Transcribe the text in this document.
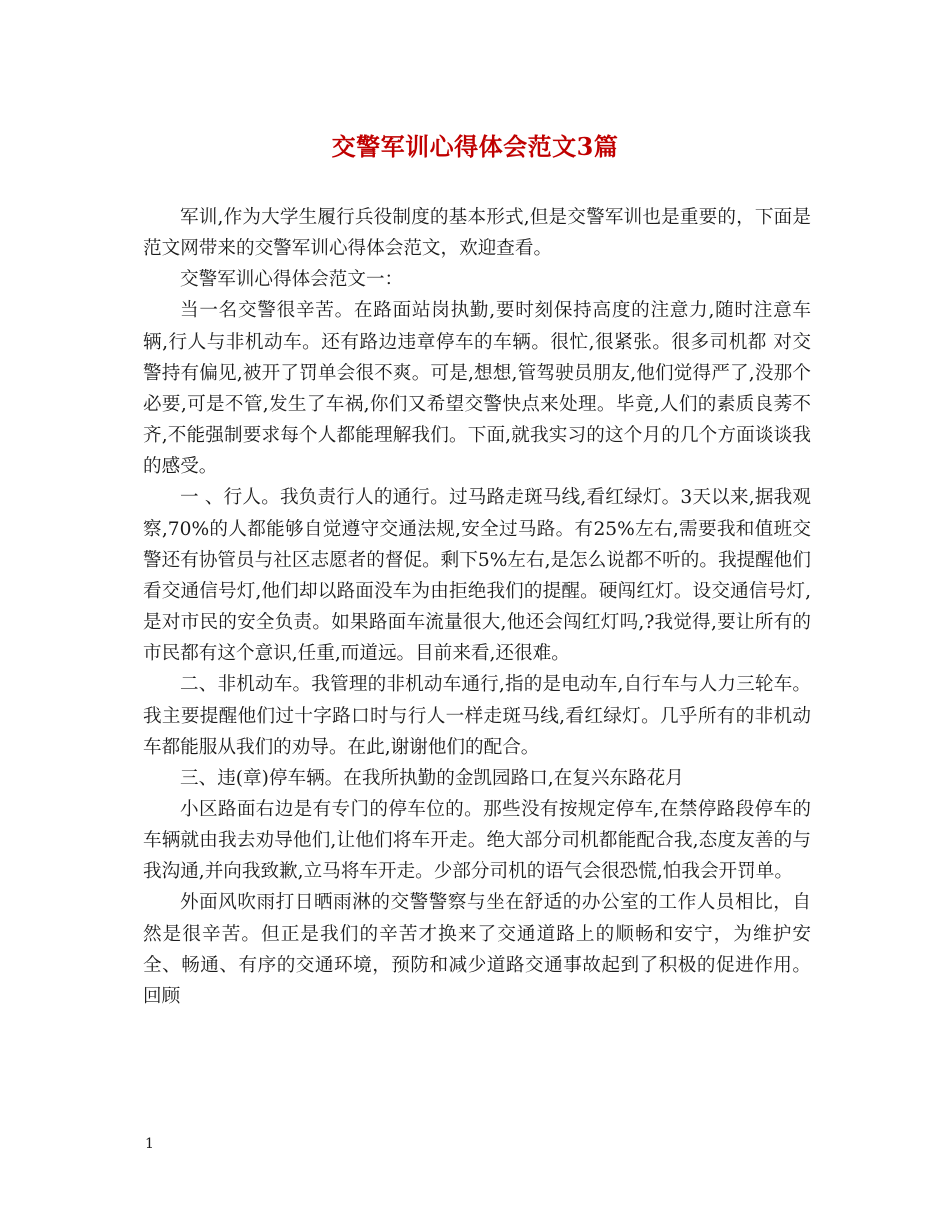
交警军训心得体会范文3篇

军训,作为大学生履行兵役制度的基本形式,但是交警军训也是重要的，下面是范文网带来的交警军训心得体会范文，欢迎查看。

交警军训心得体会范文一：

当一名交警很辛苦。在路面站岗执勤,要时刻保持高度的注意力,随时注意车辆,行人与非机动车。还有路边违章停车的车辆。很忙,很紧张。很多司机都 对交警持有偏见,被开了罚单会很不爽。可是,想想,管驾驶员朋友,他们觉得严了,没那个必要,可是不管,发生了车祸,你们又希望交警快点来处理。毕竟,人们的素质良莠不齐,不能强制要求每个人都能理解我们。下面,就我实习的这个月的几个方面谈谈我的感受。

一 、行人。我负责行人的通行。过马路走斑马线,看红绿灯。3天以来,据我观察,70%的人都能够自觉遵守交通法规,安全过马路。有25%左右,需要我和值班交警还有协管员与社区志愿者的督促。剩下5%左右,是怎么说都不听的。我提醒他们看交通信号灯,他们却以路面没车为由拒绝我们的提醒。硬闯红灯。设交通信号灯,是对市民的安全负责。如果路面车流量很大,他还会闯红灯吗,?我觉得,要让所有的市民都有这个意识,任重,而道远。目前来看,还很难。

二、非机动车。我管理的非机动车通行,指的是电动车,自行车与人力三轮车。我主要提醒他们过十字路口时与行人一样走斑马线,看红绿灯。几乎所有的非机动车都能服从我们的劝导。在此,谢谢他们的配合。

三、违(章)停车辆。在我所执勤的金凯园路口,在复兴东路花月

小区路面右边是有专门的停车位的。那些没有按规定停车,在禁停路段停车的车辆就由我去劝导他们,让他们将车开走。绝大部分司机都能配合我,态度友善的与我沟通,并向我致歉,立马将车开走。少部分司机的语气会很恐慌,怕我会开罚单。

外面风吹雨打日晒雨淋的交警警察与坐在舒适的办公室的工作人员相比，自然是很辛苦。但正是我们的辛苦才换来了交通道路上的顺畅和安宁，为维护安全、畅通、有序的交通环境，预防和减少道路交通事故起到了积极的促进作用。回顾

1
